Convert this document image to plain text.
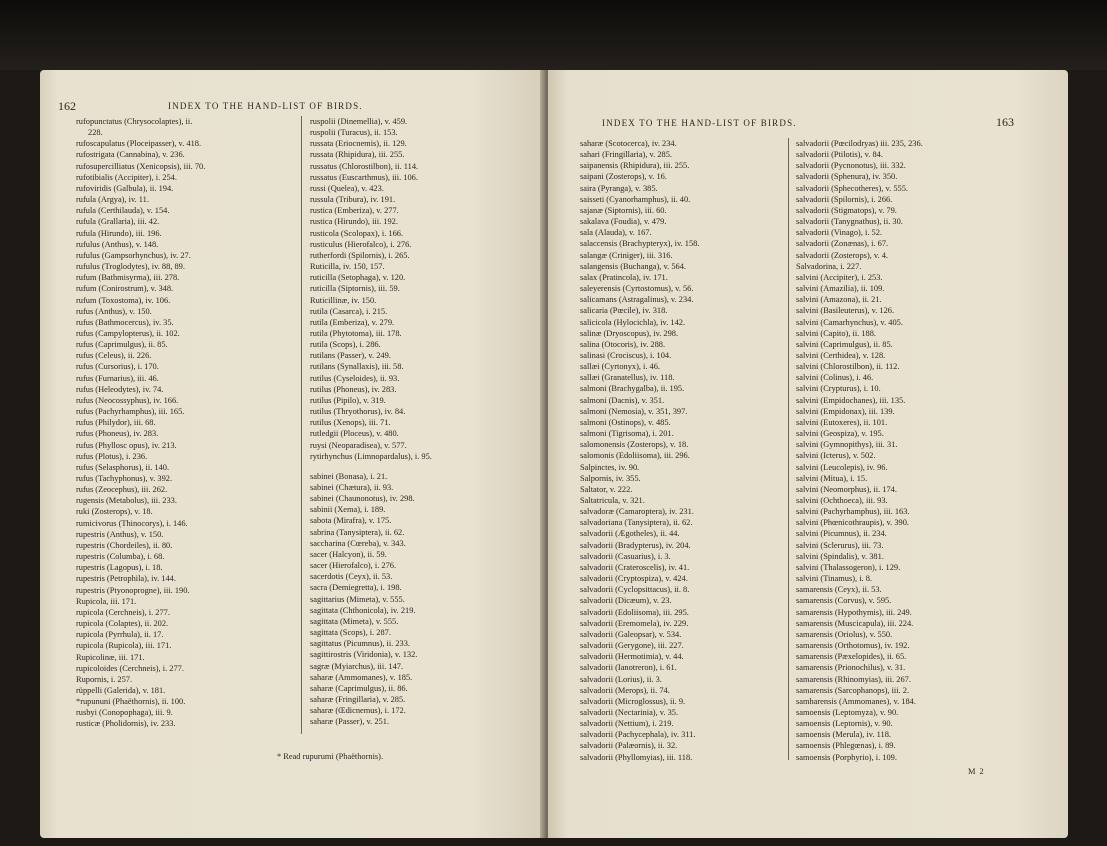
162	INDEX TO THE HAND-LIST OF BIRDS.
rufopunctatus (Chrysocolaptes), ii.
228.
rufoscapulatus (Ploceipasser), v. 418.
rufostrigata (Cannabina), v. 236.
rufosupercilliatus (Xenicopsis), iii. 70.
rufotibialis (Accipiter), i. 254.
rufoviridis (Galbula), ii. 194.
rufula (Argya), iv. 11.
rufula (Certhilauda), v. 154.
rufula (Grallaria), iii. 42.
rufula (Hirundo), iii. 196.
rufulus (Anthus), v. 148.
rufulus (Gampsorhynchus), iv. 27.
rufulus (Troglodytes), iv. 88, 89.
rufum (Bathmisyrma), iii. 278.
rufum (Conirostrum), v. 348.
rufum (Toxostoma), iv. 106.
rufus (Anthus), v. 150.
rufus (Bathmocercus), iv. 35.
rufus (Campylopterus), ii. 102.
rufus (Caprimulgus), ii. 85.
rufus (Celeus), ii. 226.
rufus (Cursorius), i. 170.
rufus (Furnarius), iii. 46.
rufus (Heleodytes), iv. 74.
rufus (Neocossyphus), iv. 166.
rufus (Pachyrhamphus), iii. 165.
rufus (Philydor), iii. 68.
rufus (Phoneus), iv. 283.
rufus (Phyllosc opus), iv. 213.
rufus (Plotus), i. 236.
rufus (Selasphorus), ii. 140.
rufus (Tachyphonus), v. 392.
rufus (Zeocephus), iii. 262.
rugensis (Metabolus), iii. 233.
ruki (Zosterops), v. 18.
rumicivorus (Thinocorys), i. 146.
rupestris (Anthus), v. 150.
rupestris (Chordeiles), ii. 80.
rupestris (Columba), i. 68.
rupestris (Lagopus), i. 18.
rupestris (Petrophila), iv. 144.
rupestris (Ptyonoprogne), iii. 190.
Rupicola, iii. 171.
rupicola (Cerchneis), i. 277.
rupicola (Colaptes), ii. 202.
rupicola (Pyrrhula), ii. 17.
rupicola (Rupicola), iii. 171.
Rupicolinæ, iii. 171.
rupicoloides (Cerchneis), i. 277.
Rupornis, i. 257.
rüppelli (Galerida), v. 181.
*rupununi (Phaëthornis), ii. 100.
rusbyi (Conopophaga), iii. 9.
rusticæ (Pholidornis), iv. 233.
ruspolii (Dinemellia), v. 459.
ruspolii (Turacus), ii. 153.
russata (Eriocnemis), ii. 129.
russata (Rhipidura), iii. 255.
russatus (Chlorostilbon), ii. 114.
russatus (Euscarthmus), iii. 106.
russi (Quelea), v. 423.
russula (Tribura), iv. 191.
rustica (Emberiza), v. 277.
rustica (Hirundo), iii. 192.
rusticola (Scolopax), i. 166.
rusticulus (Hierofalco), i. 276.
rutherfordi (Spilornis), i. 265.
Ruticilla, iv. 150, 157.
ruticilla (Setophaga), v. 120.
ruticilla (Siptornis), iii. 59.
Ruticillinæ, iv. 150.
rutila (Casarca), i. 215.
rutila (Emberiza), v. 279.
rutila (Phytotoma), iii. 178.
rutila (Scops), i. 286.
rutilans (Passer), v. 249.
rutilans (Synallaxis), iii. 58.
rutilus (Cyseloides), ii. 93.
rutilus (Phoneus), iv. 283.
rutilus (Pipilo), v. 319.
rutilus (Thryothorus), iv. 84.
rutilus (Xenops), iii. 71.
rutledgii (Ploceus), v. 480.
ruysi (Neoparadisea), v. 577.
rytirhynchus (Limnopardalus), i. 95.
sabinei (Bonasa), i. 21.
sabinei (Chætura), ii. 93.
sabinei (Chaunonotus), iv. 298.
sabinii (Xema), i. 189.
sabota (Mirafra), v. 175.
sabrina (Tanysiptera), ii. 62.
saccharina (Cœreba), v. 343.
sacer (Halcyon), ii. 59.
sacer (Hierofalco), i. 276.
sacerdotis (Ceyx), ii. 53.
sacra (Demiegretta), i. 198.
sagittarius (Mimeta), v. 555.
sagittata (Chthonicola), iv. 219.
sagittata (Mimeta), v. 555.
sagittata (Scops), i. 287.
sagittatus (Picumnus), ii. 233.
sagittirostris (Viridonia), v. 132.
sagræ (Myiarchus), iii. 147.
saharæ (Ammomanes), v. 185.
saharæ (Caprimulgus), ii. 86.
saharæ (Fringillaria), v. 285.
saharæ (Œdicnemus), i. 172.
saharæ (Passer), v. 251.
* Read rupurumi (Phaëthornis).
INDEX TO THE HAND-LIST OF BIRDS.	163
saharæ (Scotocerca), iv. 234.
sahari (Fringillaria), v. 285.
saipanensis (Rhipidura), iii. 255.
saipani (Zosterops), v. 16.
saira (Pyranga), v. 385.
saisseti (Cyanorhamphus), ii. 40.
sajanæ (Siptornis), iii. 60.
sakalava (Foudia), v. 479.
sala (Alauda), v. 167.
salaccensis (Brachypteryx), iv. 158.
salangæ (Criniger), iii. 316.
salangensis (Buchanga), v. 564.
salax (Pratincola), iv. 171.
saleyerensis (Cyrtostomus), v. 56.
salicamans (Astragalinus), v. 234.
salicaria (Pœcile), iv. 318.
salicicola (Hylocichla), iv. 142.
salinæ (Dryoscopus), iv. 298.
salina (Otocoris), iv. 288.
salinasi (Crociscus), i. 104.
sallæi (Cyrtonyx), i. 46.
sallæi (Granatellus), iv. 118.
salmoni (Brachygalba), ii. 195.
salmoni (Dacnis), v. 351.
salmoni (Nemosia), v. 351, 397.
salmoni (Ostinops), v. 485.
salmoni (Tigrisoma), i. 201.
salomonensis (Zosterops), v. 18.
salomonis (Edoliisoma), iii. 296.
Salpinctes, iv. 90.
Salpornis, iv. 355.
Saltator, v. 222.
Saltatricula, v. 321.
salvadoræ (Camaroptera), iv. 231.
salvadoriana (Tanysiptera), ii. 62.
salvadorii (Ægotheles), ii. 44.
salvadorii (Bradypterus), iv. 204.
salvadorii (Casuarius), i. 3.
salvadorii (Crateroscelis), iv. 41.
salvadorii (Cryptospiza), v. 424.
salvadorii (Cyclopsittacus), ii. 8.
salvadorii (Dicæum), v. 23.
salvadorii (Edoliisoma), iii. 295.
salvadorii (Eremomela), iv. 229.
salvadorii (Galeopsar), v. 534.
salvadorii (Gerygone), iii. 227.
salvadorii (Hermotimia), v. 44.
salvadorii (Ianotreron), i. 61.
salvadorii (Lorius), ii. 3.
salvadorii (Merops), ii. 74.
salvadorii (Microglossus), ii. 9.
salvadorii (Nectarinia), v. 35.
salvadorii (Nettium), i. 219.
salvadorii (Pachycephala), iv. 311.
salvadorii (Palæornis), ii. 32.
salvadorii (Phyllomyias), iii. 118.
salvadorii (Pœcilodryas) iii. 235, 236.
salvadorii (Ptilotis), v. 84.
salvadorii (Pycnonotus), iii. 332.
salvadorii (Sphenura), iv. 350.
salvadorii (Sphecotheres), v. 555.
salvadorii (Spilornis), i. 266.
salvadorii (Stigmatops), v. 79.
salvadorii (Tanygnathus), ii. 30.
salvadorii (Vinago), i. 52.
salvadorii (Zonænas), i. 67.
salvadorii (Zosterops), v. 4.
Salvadorina, i. 227.
salvini (Accipiter), i. 253.
salvini (Amazilia), ii. 109.
salvini (Amazona), ii. 21.
salvini (Basileuterus), v. 126.
salvini (Camarhynchus), v. 405.
salvini (Capito), ii. 188.
salvini (Caprimulgus), ii. 85.
salvini (Certhidea), v. 128.
salvini (Chlorostilbon), ii. 112.
salvini (Colinus), i. 46.
salvini (Crypturus), i. 10.
salvini (Empidochanes), iii. 135.
salvini (Empidonax), iii. 139.
salvini (Eutoxeres), ii. 101.
salvini (Geospiza), v. 195.
salvini (Gymnopithys), iii. 31.
salvini (Icterus), v. 502.
salvini (Leucolepis), iv. 96.
salvini (Mitua), i. 15.
salvini (Neomorphus), ii. 174.
salvini (Ochthoeca), iii. 93.
salvini (Pachyrhamphus), iii. 163.
salvini (Phœnicothraupis), v. 390.
salvini (Picumnus), ii. 234.
salvini (Sclerurus), iii. 73.
salvini (Spindalis), v. 381.
salvini (Thalassogeron), i. 129.
salvini (Tinamus), i. 8.
samarensis (Ceyx), ii. 53.
samarensis (Corvus), v. 595.
samarensis (Hypothymis), iii. 249.
samarensis (Muscicapula), iii. 224.
samarensis (Oriolus), v. 550.
samarensis (Orthotomus), iv. 192.
samarensis (Pæxelopides), ii. 65.
samarensis (Prionochilus), v. 31.
samarensis (Rhinomyias), iii. 267.
samarensis (Sarcophanops), iii. 2.
samharensis (Ammomanes), v. 184.
samoensis (Leptomyza), v. 90.
samoensis (Leptornis), v. 90.
samoensis (Merula), iv. 118.
samoensis (Phlegœnas), i. 89.
samoensis (Porphyrio), i. 109.
M 2
